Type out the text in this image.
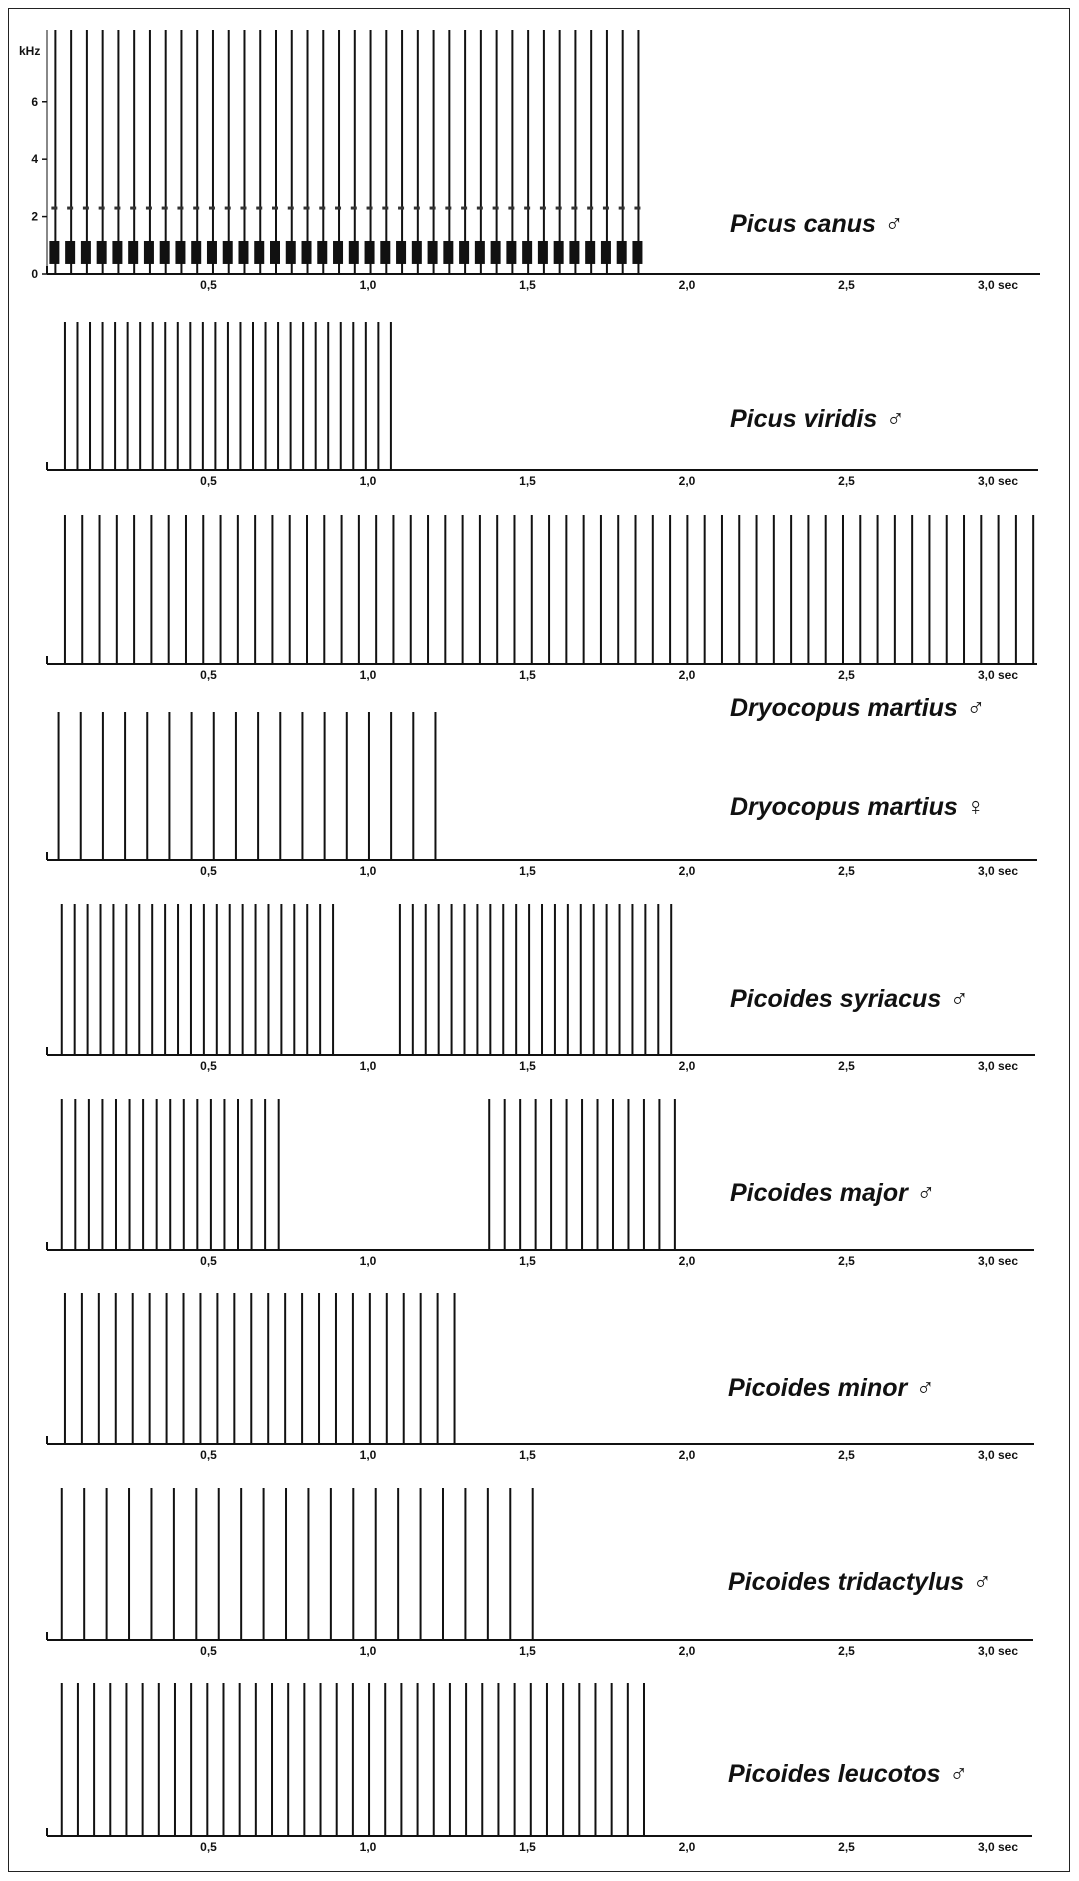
0,5	1,0	1,5	2,0	2,5	3,0 sec
0
2
4
6
kHz
Picus canus ♂
0,5	1,0	1,5	2,0	2,5	3,0 sec
Picus viridis ♂
0,5	1,0	1,5	2,0	2,5	3,0 sec
Dryocopus martius ♂
0,5	1,0	1,5	2,0	2,5	3,0 sec
Dryocopus martius ♀
0,5	1,0	1,5	2,0	2,5	3,0 sec
Picoides syriacus ♂
0,5	1,0	1,5	2,0	2,5	3,0 sec
Picoides major ♂
0,5	1,0	1,5	2,0	2,5	3,0 sec
Picoides minor ♂
0,5	1,0	1,5	2,0	2,5	3,0 sec
Picoides tridactylus ♂
0,5	1,0	1,5	2,0	2,5	3,0 sec
Picoides leucotos ♂
